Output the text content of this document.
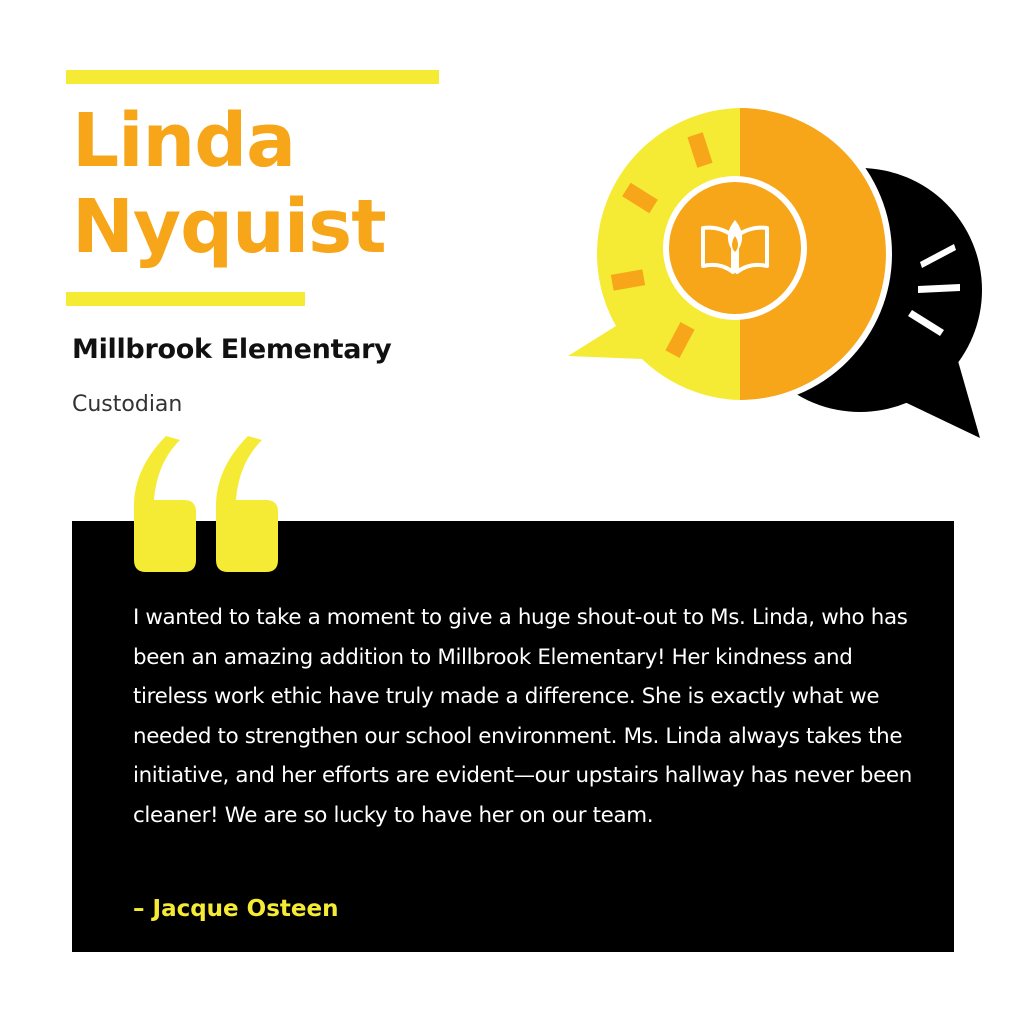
Linda
Nyquist

Millbrook Elementary

Custodian

I wanted to take a moment to give a huge shout-out to Ms. Linda, who has been an amazing addition to Millbrook Elementary! Her kindness and tireless work ethic have truly made a difference. She is exactly what we needed to strengthen our school environment. Ms. Linda always takes the initiative, and her efforts are evident—our upstairs hallway has never been cleaner! We are so lucky to have her on our team.

– Jacque Osteen
